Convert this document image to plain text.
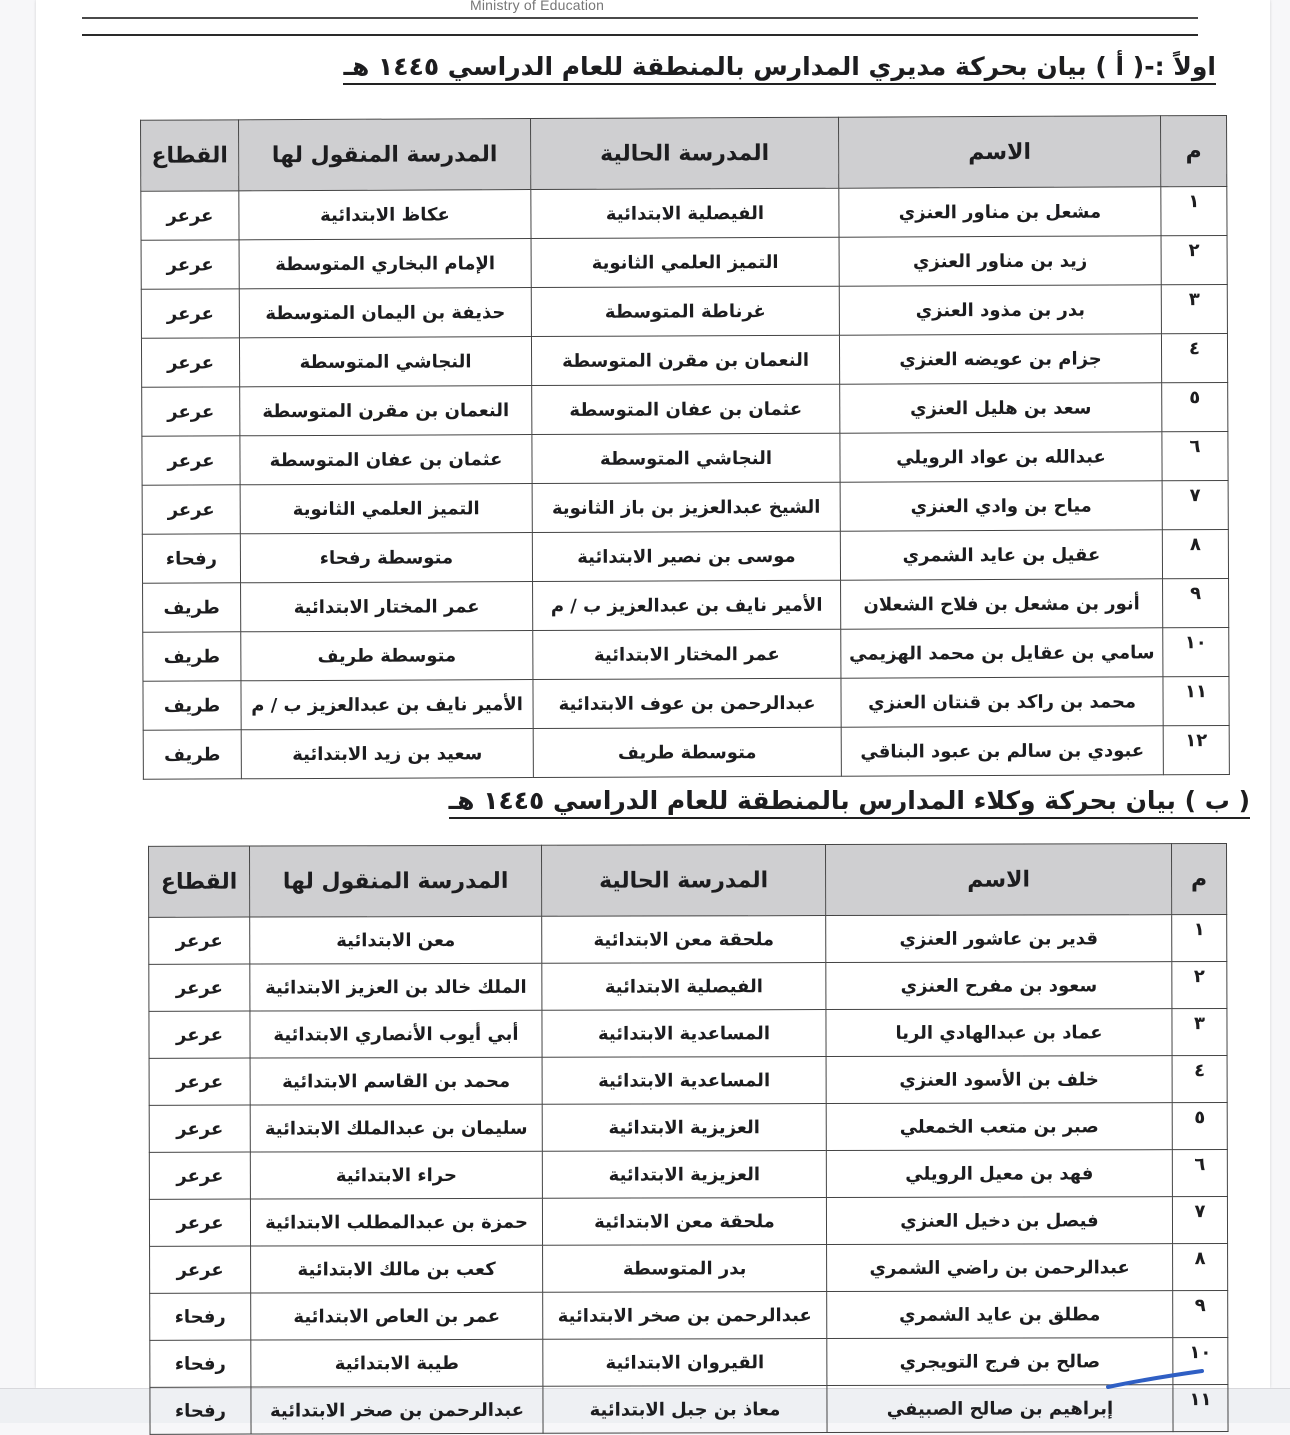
Ministry of Education
اولاً :-( أ ) بيان بحركة مديري المدارس بالمنطقة للعام الدراسي ١٤٤٥ هـ
م	الاسم	المدرسة الحالية	المدرسة المنقول لها	القطاع
١	مشعل بن مناور العنزي	الفيصلية الابتدائية	عكاظ الابتدائية	عرعر
٢	زيد بن مناور العنزي	التميز العلمي الثانوية	الإمام البخاري المتوسطة	عرعر
٣	بدر بن مذود العنزي	غرناطة المتوسطة	حذيفة بن اليمان المتوسطة	عرعر
٤	جزام بن عويضه العنزي	النعمان بن مقرن المتوسطة	النجاشي المتوسطة	عرعر
٥	سعد بن هليل العنزي	عثمان بن عفان المتوسطة	النعمان بن مقرن المتوسطة	عرعر
٦	عبدالله بن عواد الرويلي	النجاشي المتوسطة	عثمان بن عفان المتوسطة	عرعر
٧	مياح بن وادي العنزي	الشيخ عبدالعزيز بن باز الثانوية	التميز العلمي الثانوية	عرعر
٨	عقيل بن عايد الشمري	موسى بن نصير الابتدائية	متوسطة رفحاء	رفحاء
٩	أنور بن مشعل بن فلاح الشعلان	الأمير نايف بن عبدالعزيز ب / م	عمر المختار الابتدائية	طريف
١٠	سامي بن عقايل بن محمد الهزيمي	عمر المختار الابتدائية	متوسطة طريف	طريف
١١	محمد بن راكد بن قنتان العنزي	عبدالرحمن بن عوف الابتدائية	الأمير نايف بن عبدالعزيز ب / م	طريف
١٢	عبودي بن سالم بن عبود البناقي	متوسطة طريف	سعيد بن زيد الابتدائية	طريف
( ب ) بيان بحركة وكلاء المدارس بالمنطقة للعام الدراسي ١٤٤٥ هـ
م	الاسم	المدرسة الحالية	المدرسة المنقول لها	القطاع
١	قدير بن عاشور العنزي	ملحقة معن الابتدائية	معن الابتدائية	عرعر
٢	سعود بن مفرح العنزي	الفيصلية الابتدائية	الملك خالد بن العزيز الابتدائية	عرعر
٣	عماد بن عبدالهادي الريا	المساعدية الابتدائية	أبي أيوب الأنصاري الابتدائية	عرعر
٤	خلف بن الأسود العنزي	المساعدية الابتدائية	محمد بن القاسم الابتدائية	عرعر
٥	صبر بن متعب الخمعلي	العزيزية الابتدائية	سليمان بن عبدالملك الابتدائية	عرعر
٦	فهد بن معيل الرويلي	العزيزية الابتدائية	حراء الابتدائية	عرعر
٧	فيصل بن دخيل العنزي	ملحقة معن الابتدائية	حمزة بن عبدالمطلب الابتدائية	عرعر
٨	عبدالرحمن بن راضي الشمري	بدر المتوسطة	كعب بن مالك الابتدائية	عرعر
٩	مطلق بن عايد الشمري	عبدالرحمن بن صخر الابتدائية	عمر بن العاص الابتدائية	رفحاء
١٠	صالح بن فرج التويجري	القيروان الابتدائية	طيبة الابتدائية	رفحاء
١١	إبراهيم بن صالح الصبيفي	معاذ بن جبل الابتدائية	عبدالرحمن بن صخر الابتدائية	رفحاء
